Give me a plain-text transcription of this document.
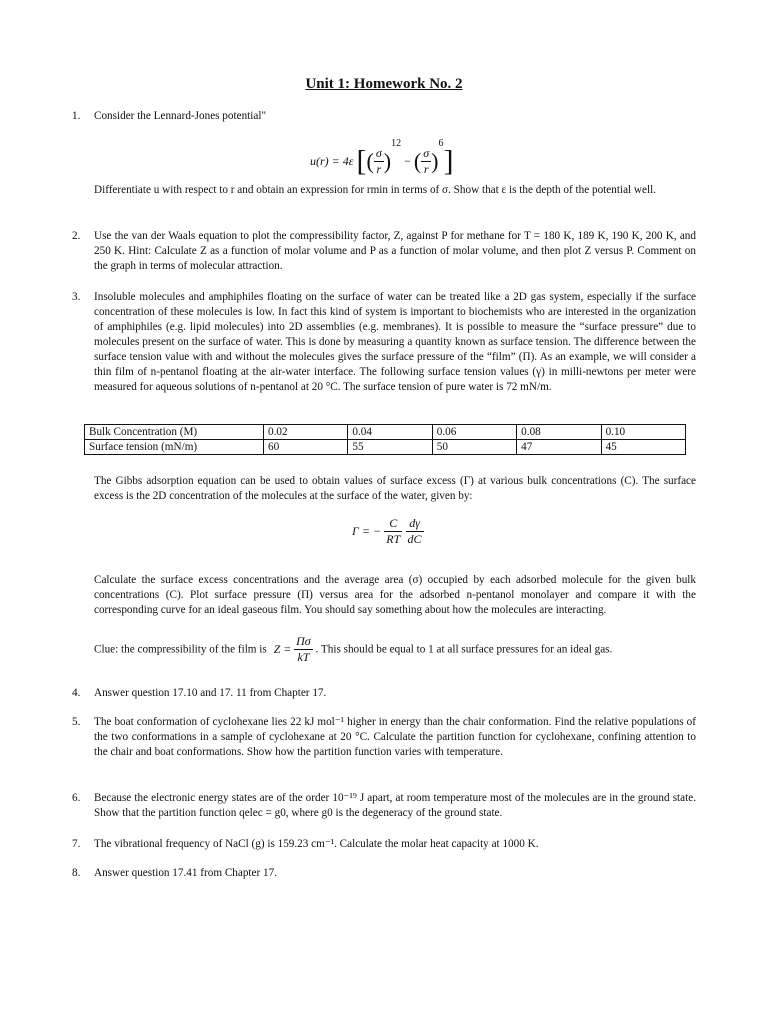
Unit 1: Homework No. 2
1. Consider the Lennard-Jones potential"
u(r) = 4ε [( $\frac{\sigma}{r} )^{12}$ − ( $\frac{\sigma}{r} )^6$]
Differentiate u with respect to r and obtain an expression for rmin in terms of σ. Show that ε is the depth of the potential well.
2. Use the van der Waals equation to plot the compressibility factor, Z, against P for methane for T = 180 K, 189 K, 190 K, 200 K, and 250 K. Hint: Calculate Z as a function of molar volume and P as a function of molar volume, and then plot Z versus P. Comment on the graph in terms of molecular attraction.
3. Insoluble molecules and amphiphiles floating on the surface of water can be treated like a 2D gas system, especially if the surface concentration of these molecules is low. In fact this kind of system is important to biochemists who are interested in the organization of amphiphiles (e.g. lipid molecules) into 2D assemblies (e.g. membranes). It is possible to measure the “surface pressure” due to molecules present on the surface of water. This is done by measuring a quantity known as surface tension. The difference between the surface tension value with and without the molecules gives the surface pressure of the “film” (Π). As an example, we will consider a thin film of n-pentanol floating at the air-water interface. The following surface tension values (γ) in milli-newtons per meter were measured for aqueous solutions of n-pentanol at 20 °C. The surface tension of pure water is 72 mN/m.
Bulk Concentration (M)	0.02	0.04	0.06	0.08	0.10
Surface tension (mN/m)	60	55	50	47	45
The Gibbs adsorption equation can be used to obtain values of surface excess (Γ) at various bulk concentrations (C). The surface excess is the 2D concentration of the molecules at the surface of the water, given by:
Γ = − $\frac{C}{RT}$
$\frac{d\gamma}{dC}$
Calculate the surface excess concentrations and the average area (σ) occupied by each adsorbed molecule for the given bulk concentrations (C). Plot surface pressure (Π) versus area for the adsorbed n-pentanol monolayer and compare it with the corresponding curve for an ideal gaseous film. You should say something about how the molecules are interacting.
Clue: the compressibility of the film is $Z = \frac{\Pi\sigma}{kT}$ . This should be equal to 1 at all surface pressures for an ideal gas.
4. Answer question 17.10 and 17. 11 from Chapter 17.
5. The boat conformation of cyclohexane lies 22 kJ mol⁻¹ higher in energy than the chair conformation. Find the relative populations of the two conformations in a sample of cyclohexane at 20 °C. Calculate the partition function for cyclohexane, confining attention to the chair and boat conformations. Show how the partition function varies with temperature.
6. Because the electronic energy states are of the order 10⁻¹⁹ J apart, at room temperature most of the molecules are in the ground state. Show that the partition function qelec = g0, where g0 is the degeneracy of the ground state.
7. The vibrational frequency of NaCl (g) is 159.23 cm⁻¹. Calculate the molar heat capacity at 1000 K.
8. Answer question 17.41 from Chapter 17.
